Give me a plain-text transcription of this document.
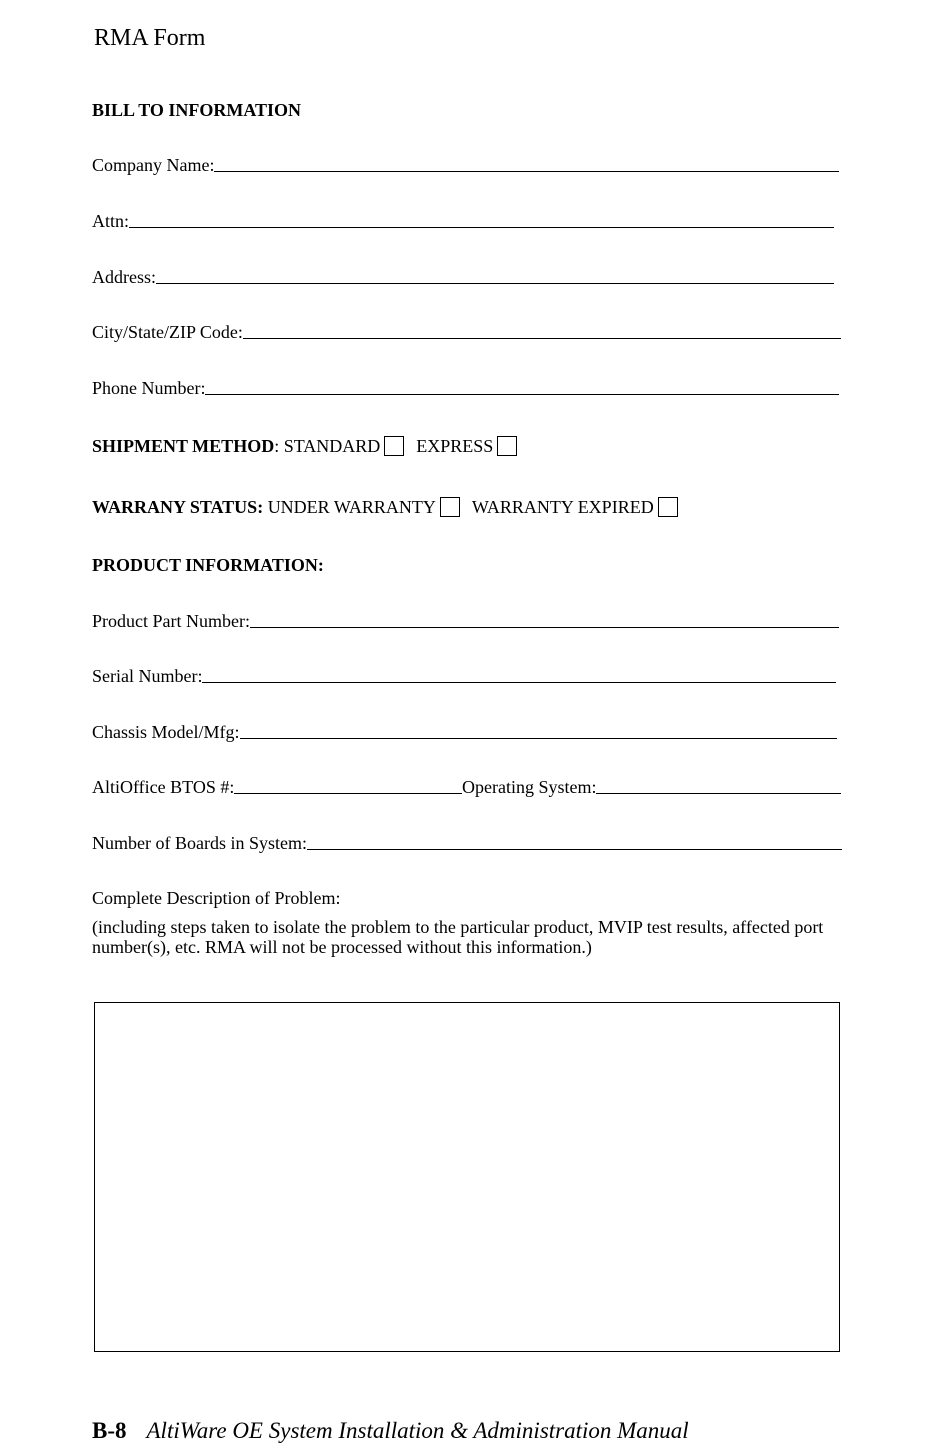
RMA Form
BILL TO INFORMATION
Company Name:
Attn:
Address:
City/State/ZIP Code:
Phone Number:
SHIPMENT METHOD : STANDARD EXPRESS
WARRANY STATUS: UNDER WARRANTY WARRANTY EXPIRED
PRODUCT INFORMATION:
Product Part Number:
Serial Number:
Chassis Model/Mfg:
AltiOffice BTOS #:	Operating System:
Number of Boards in System:
Complete Description of Problem:
(including steps taken to isolate the problem to the particular product, MVIP test results, affected port number(s), etc. RMA will not be processed without this information.)
B-8 AltiWare OE System Installation & Administration Manual
